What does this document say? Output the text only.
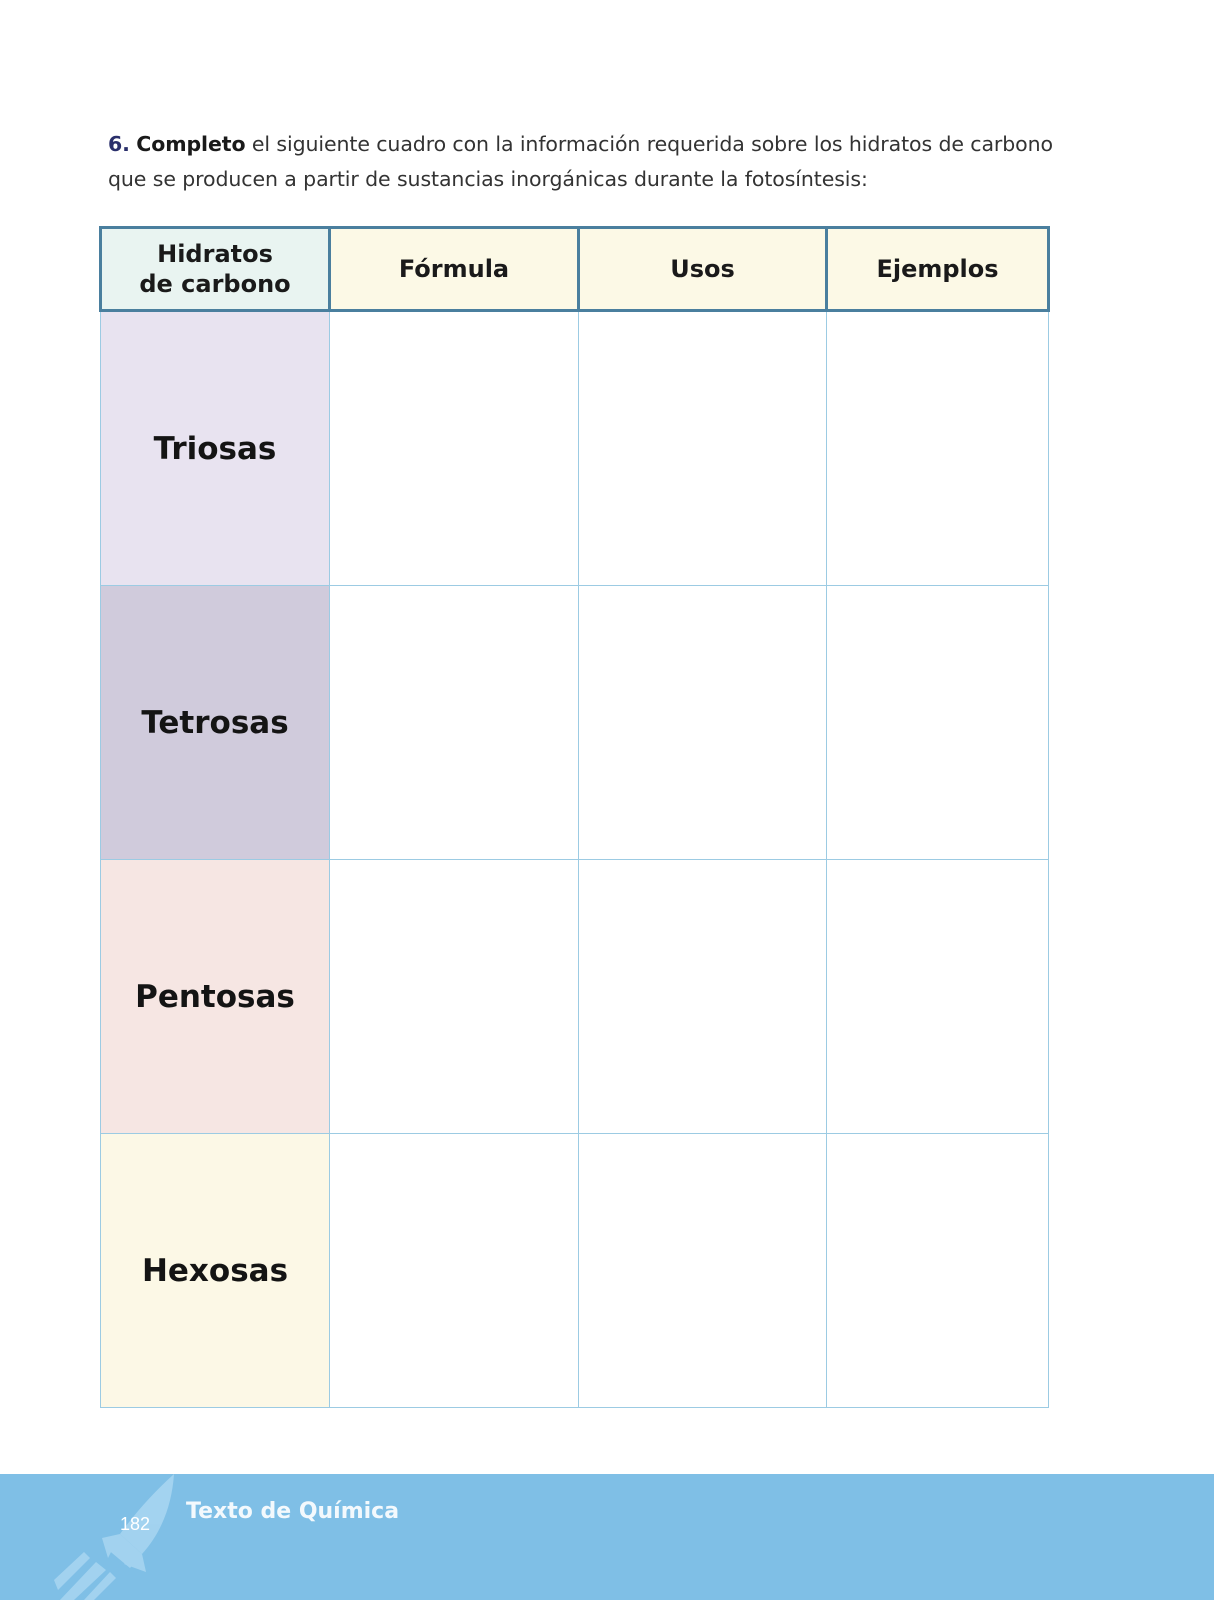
6. Completo el siguiente cuadro con la información requerida sobre los hidratos de carbono que se producen a partir de sustancias inorgánicas durante la fotosíntesis:

Hidratos
de carbono	Fórmula	Usos	Ejemplos
Triosas			
Tetrosas			
Pentosas			
Hexosas			
182	Texto de Química
